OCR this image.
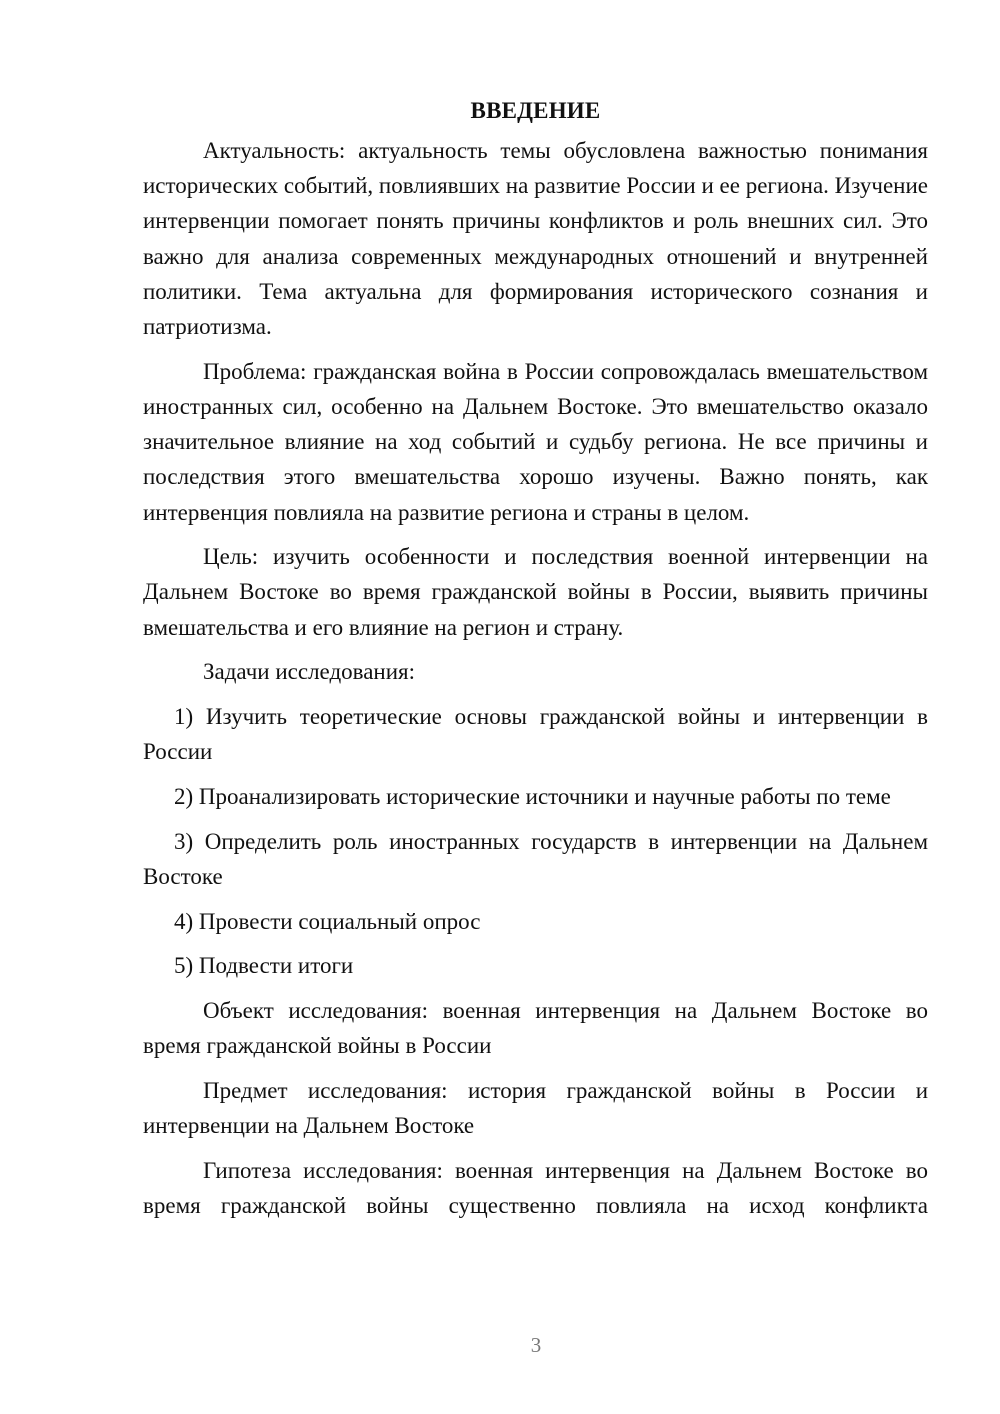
ВВЕДЕНИЕ

Актуальность: актуальность темы обусловлена важностью понимания исторических событий, повлиявших на развитие России и ее региона. Изучение интервенции помогает понять причины конфликтов и роль внешних сил. Это важно для анализа современных международных отношений и внутренней политики. Тема актуальна для формирования исторического сознания и патриотизма.

Проблема: гражданская война в России сопровождалась вмешательством иностранных сил, особенно на Дальнем Востоке. Это вмешательство оказало значительное влияние на ход событий и судьбу региона. Не все причины и последствия этого вмешательства хорошо изучены. Важно понять, как интервенция повлияла на развитие региона и страны в целом.

Цель: изучить особенности и последствия военной интервенции на Дальнем Востоке во время гражданской войны в России, выявить причины вмешательства и его влияние на регион и страну.

Задачи исследования:

1) Изучить теоретические основы гражданской войны и интервенции в России

2) Проанализировать исторические источники и научные работы по теме

3) Определить роль иностранных государств в интервенции на Дальнем Востоке

4) Провести социальный опрос

5) Подвести итоги

Объект исследования: военная интервенция на Дальнем Востоке во время гражданской войны в России

Предмет исследования: история гражданской войны в России и интервенции на Дальнем Востоке

Гипотеза исследования: военная интервенция на Дальнем Востоке во время гражданской войны существенно повлияла на исход конфликта

3
